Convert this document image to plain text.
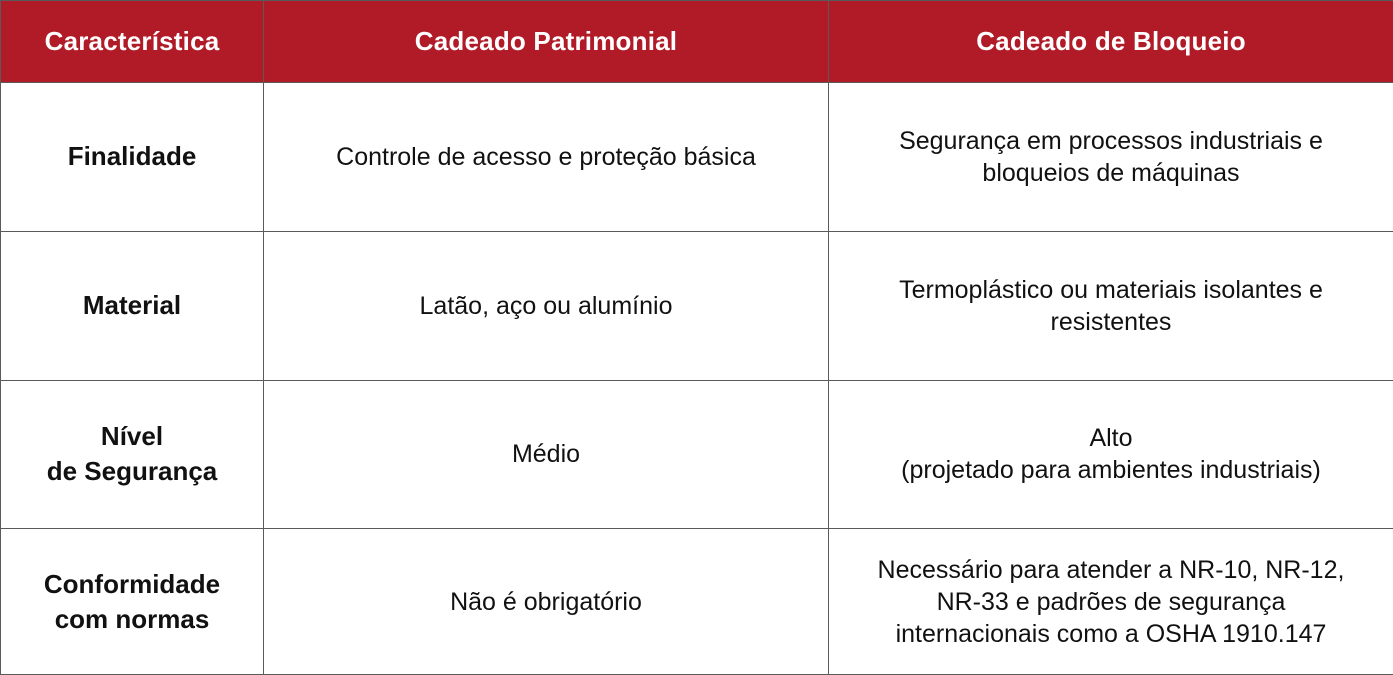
Característica	Cadeado Patrimonial	Cadeado de Bloqueio
Finalidade	Controle de acesso e proteção básica	Segurança em processos industriais e
bloqueios de máquinas
Material	Latão, aço ou alumínio	Termoplástico ou materiais isolantes e
resistentes
Nível
de Segurança	Médio	Alto
(projetado para ambientes industriais)
Conformidade
com normas	Não é obrigatório	Necessário para atender a NR-10, NR-12,
NR-33 e padrões de segurança
internacionais como a OSHA 1910.147
